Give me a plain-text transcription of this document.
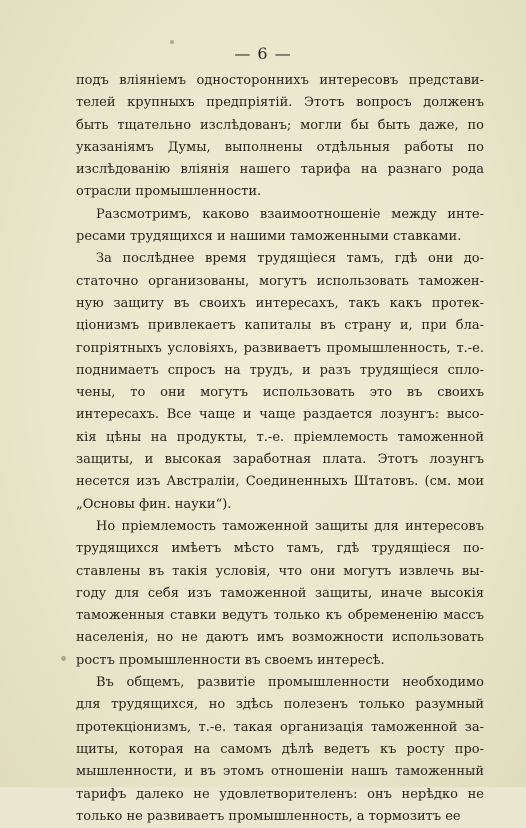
— 6 —
подъ вліяніемъ одностороннихъ интересовъ представи-
телей крупныхъ предпріятій. Этотъ вопросъ долженъ
быть тщательно изслѣдованъ; могли бы быть даже, по
указаніямъ Думы, выполнены отдѣльныя работы по
изслѣдованію вліянія нашего тарифа на разнаго рода
отрасли промышленности.
Разсмотримъ, каково взаимоотношеніе между инте-
ресами трудящихся и нашими таможенными ставками.
За послѣднее время трудящіеся тамъ, гдѣ они до-
статочно организованы, могутъ использовать таможен-
ную защиту въ своихъ интересахъ, такъ какъ протек-
ціонизмъ привлекаетъ капиталы въ страну и, при бла-
гопріятныхъ условіяхъ, развиваетъ промышленность, т.-е.
поднимаетъ спросъ на трудъ, и разъ трудящіеся спло-
чены, то они могутъ использовать это въ своихъ
интересахъ. Все чаще и чаще раздается лозунгъ: высо-
кія цѣны на продукты, т.-е. пріемлемость таможенной
защиты, и высокая заработная плата. Этотъ лозунгъ
несется изъ Австраліи, Соединенныхъ Штатовъ. (см. мои
„Основы фин. науки“).
Но пріемлемость таможенной защиты для интересовъ
трудящихся имѣетъ мѣсто тамъ, гдѣ трудящіеся по-
ставлены въ такія условія, что они могутъ извлечь вы-
году для себя изъ таможенной защиты, иначе высокія
таможенныя ставки ведутъ только къ обремененію массъ
населенія, но не даютъ имъ возможности использовать
ростъ промышленности въ своемъ интересѣ.
Въ общемъ, развитіе промышленности необходимо
для трудящихся, но здѣсь полезенъ только разумный
протекціонизмъ, т.-е. такая организація таможенной за-
щиты, которая на самомъ дѣлѣ ведетъ къ росту про-
мышленности, и въ этомъ отношеніи нашъ таможенный
тарифъ далеко не удовлетворителенъ: онъ нерѣдко не
только не развиваетъ промышленность, а тормозитъ ее
